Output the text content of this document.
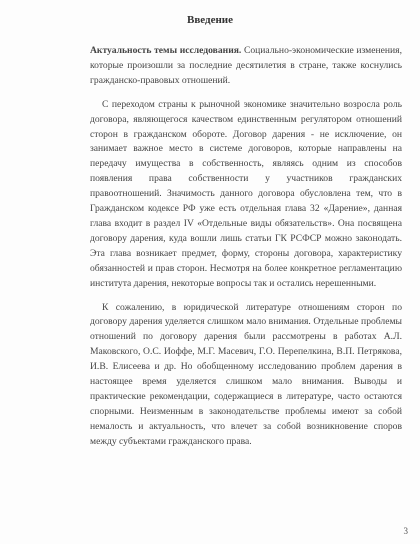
Введение

Актуальность темы исследования. Социально-экономические изменения, которые произошли за последние десятилетия в стране, также коснулись гражданско-правовых отношений.

С переходом страны к рыночной экономике значительно возросла роль договора, являющегося качеством единственным регулятором отношений сторон в гражданском обороте. Договор дарения - не исключение, он занимает важное место в системе договоров, которые направлены на передачу имущества в собственность, являясь одним из способов появления права собственности у участников гражданских правоотношений. Значимость данного договора обусловлена тем, что в Гражданском кодексе РФ уже есть отдельная глава 32 «Дарение», данная глава входит в раздел IV «Отдельные виды обязательств». Она посвящена договору дарения, куда вошли лишь статьи ГК РСФСР можно законодать. Эта глава возникает предмет, форму, стороны договора, характеристику обязанностей и прав сторон. Несмотря на более конкретное регламентацию института дарения, некоторые вопросы так и остались нерешенными.

К сожалению, в юридической литературе отношениям сторон по договору дарения уделяется слишком мало внимания. Отдельные проблемы отношений по договору дарения были рассмотрены в работах А.Л. Маковского, О.С. Иоффе, М.Г. Масевич, Г.О. Перепелкина, В.П. Петрякова, И.В. Елисеева и др. Но обобщенному исследованию проблем дарения в настоящее время уделяется слишком мало внимания. Выводы и практические рекомендации, содержащиеся в литературе, часто остаются спорными. Неизменным в законодательстве проблемы имеют за собой немалость и актуальность, что влечет за собой возникновение споров между субъектами гражданского права.

3
